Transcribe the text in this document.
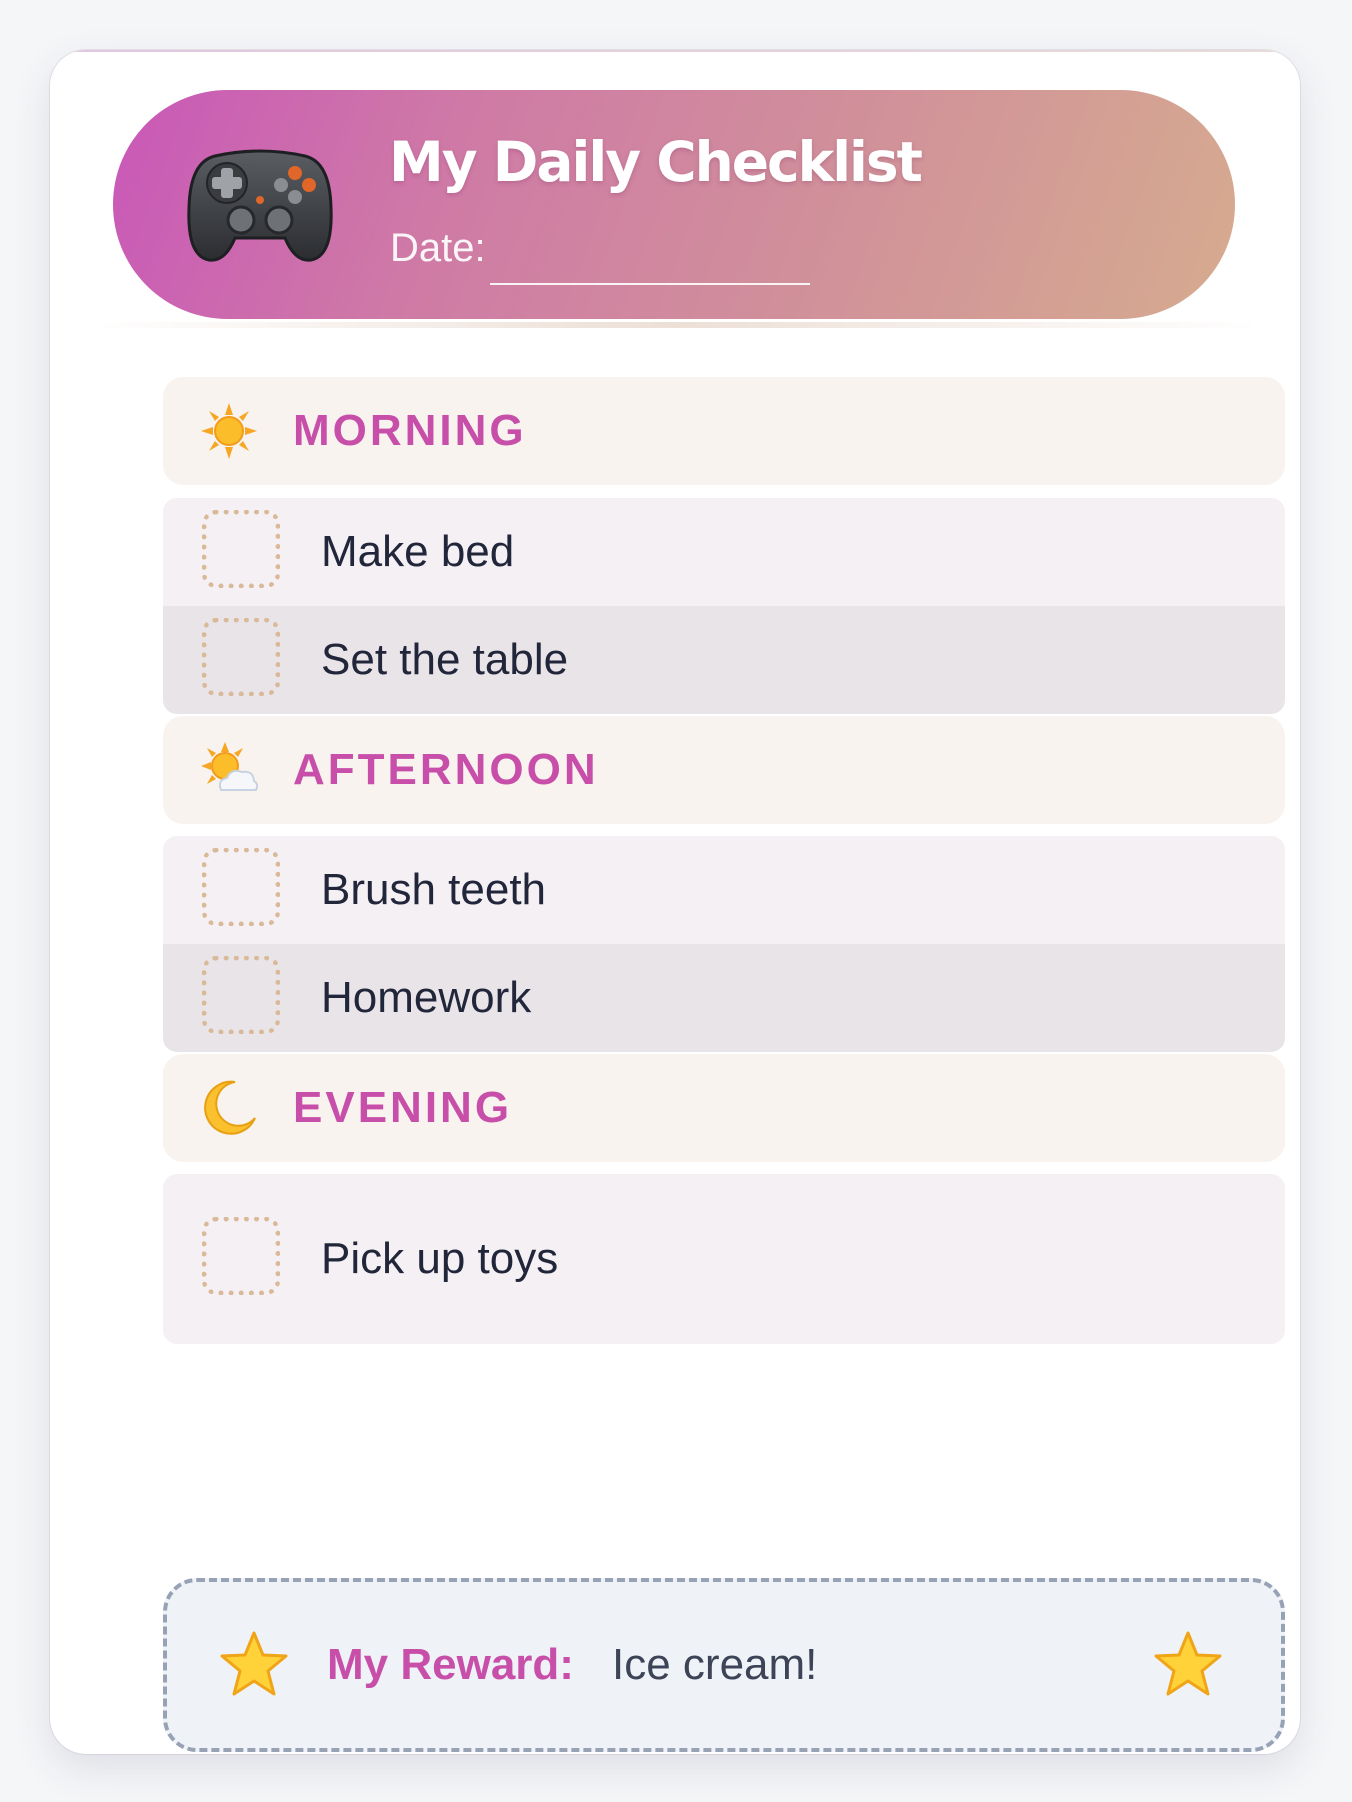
My Daily Checklist
Date:
MORNING
Make bed
Set the table
AFTERNOON
Brush teeth
Homework
EVENING
Pick up toys
My Reward: Ice cream!
